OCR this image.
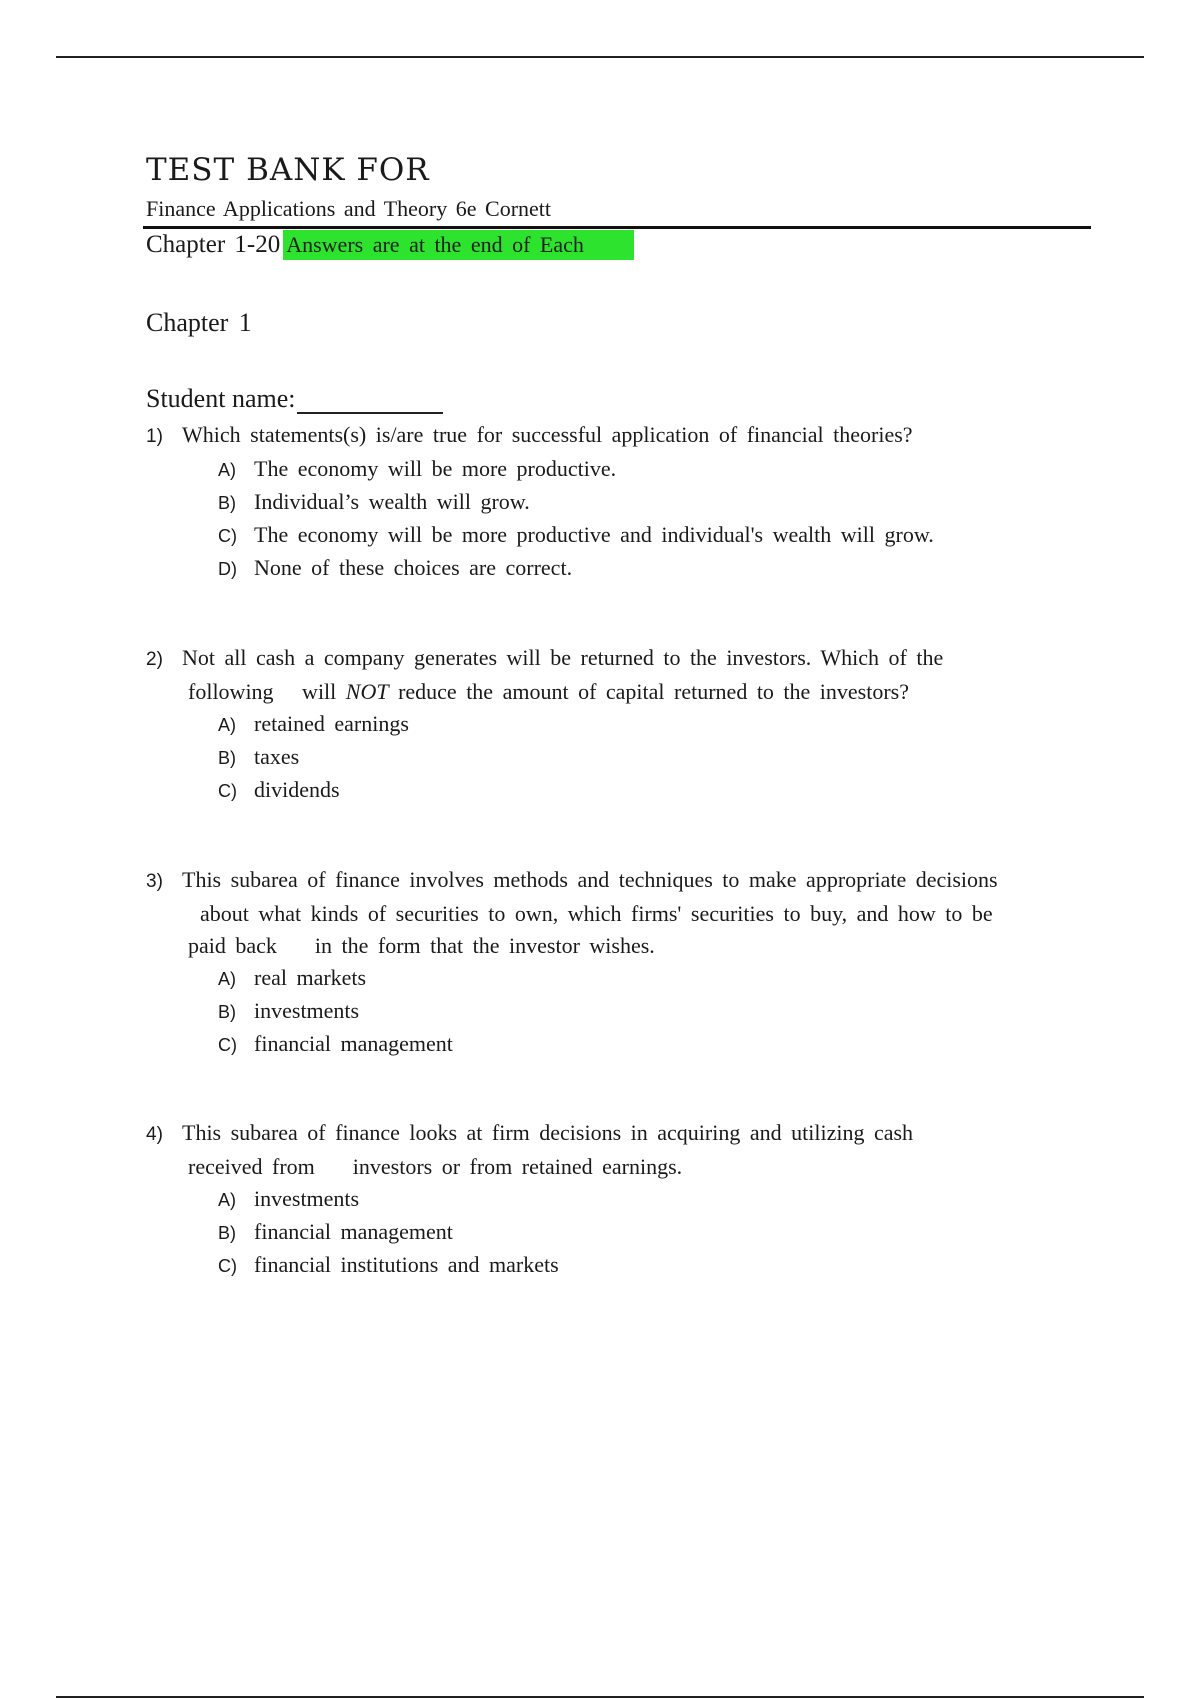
TEST BANK FOR
Finance Applications and Theory 6e Cornett
Chapter 1-20 Answers are at the end of Each
Chapter 1
Student name:
1) Which statements(s) is/are true for successful application of financial theories?
A) The economy will be more productive.
B) Individual’s wealth will grow.
C) The economy will be more productive and individual's wealth will grow.
D) None of these choices are correct.
2) Not all cash a company generates will be returned to the investors. Which of the
following   will NOT reduce the amount of capital returned to the investors?
A) retained earnings
B) taxes
C) dividends
3) This subarea of finance involves methods and techniques to make appropriate decisions
about what kinds of securities to own, which firms' securities to buy, and how to be
paid back    in the form that the investor wishes.
A) real markets
B) investments
C) financial management
4) This subarea of finance looks at firm decisions in acquiring and utilizing cash
received from    investors or from retained earnings.
A) investments
B) financial management
C) financial institutions and markets
